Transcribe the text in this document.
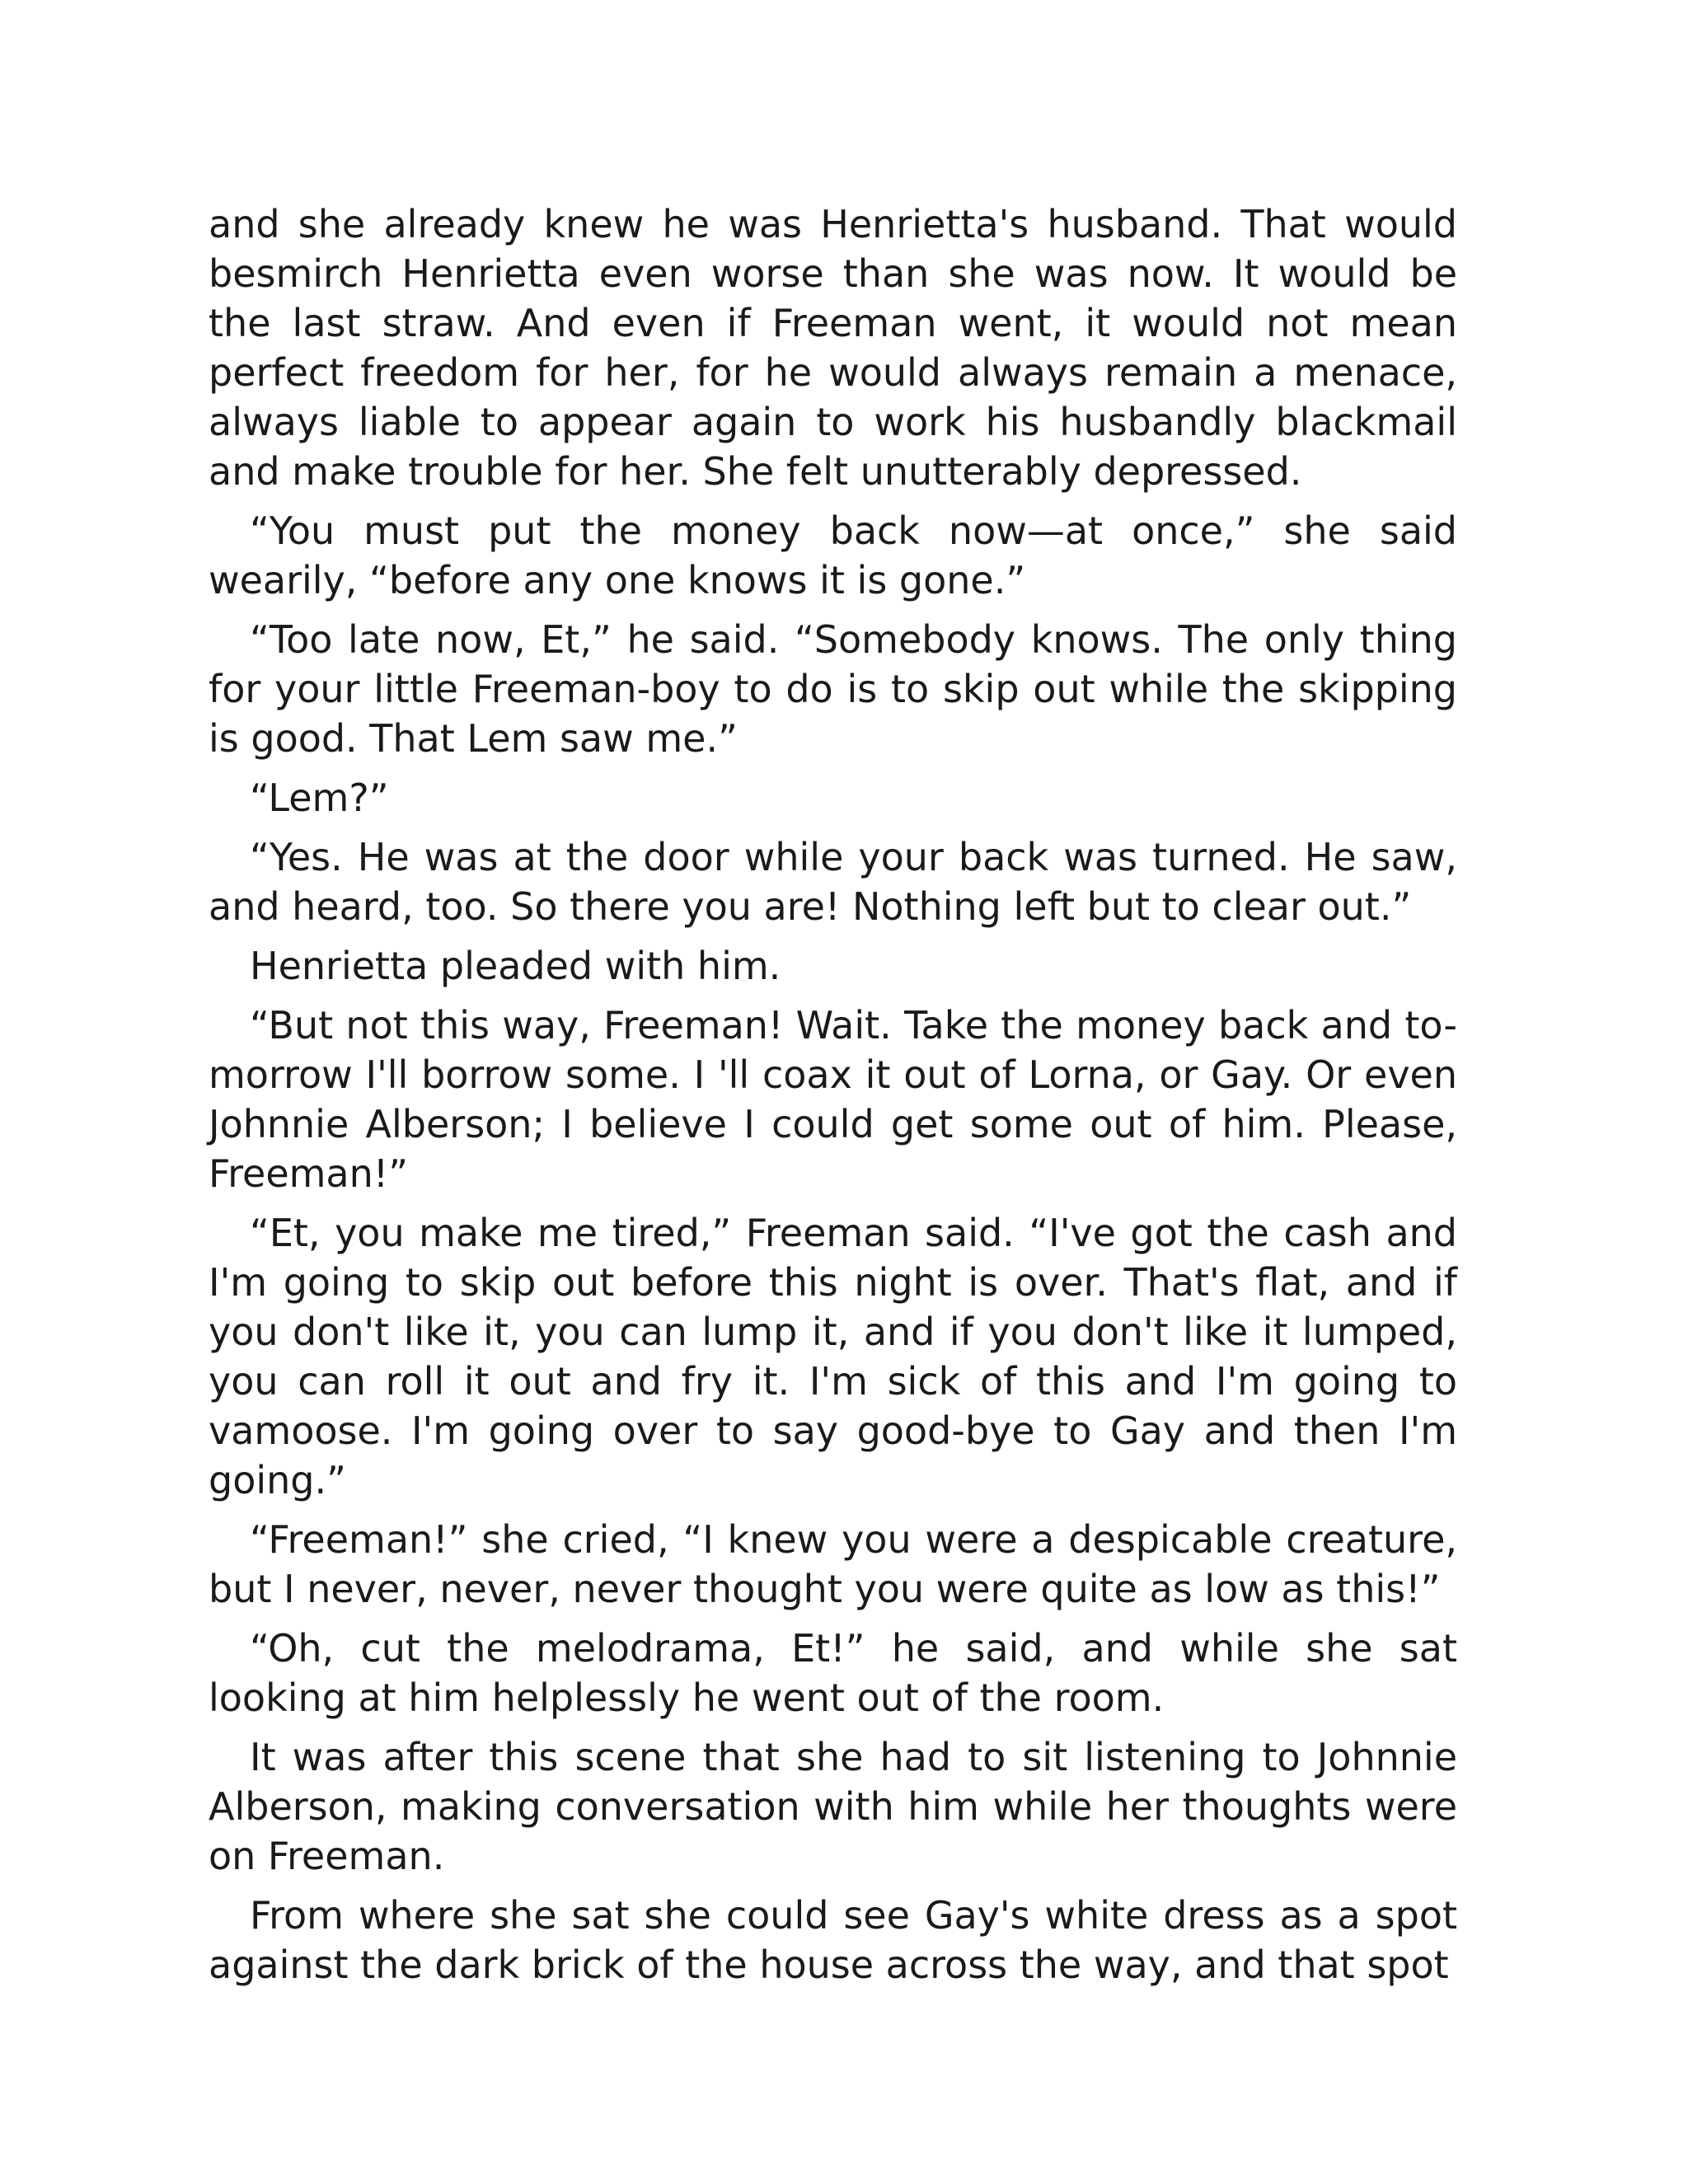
and she already knew he was Henrietta's husband. That would besmirch Henrietta even worse than she was now. It would be the last straw. And even if Freeman went, it would not mean perfect freedom for her, for he would always remain a menace, always liable to appear again to work his husbandly blackmail and make trouble for her. She felt unutterably depressed.

“You must put the money back now—at once,” she said wearily, “before any one knows it is gone.”

“Too late now, Et,” he said. “Somebody knows. The only thing for your little Freeman-boy to do is to skip out while the skipping is good. That Lem saw me.”

“Lem?”

“Yes. He was at the door while your back was turned. He saw, and heard, too. So there you are! Nothing left but to clear out.”

Henrietta pleaded with him.

“But not this way, Freeman! Wait. Take the money back and to-morrow I'll borrow some. I 'll coax it out of Lorna, or Gay. Or even Johnnie Alberson; I believe I could get some out of him. Please, Freeman!”

“Et, you make me tired,” Freeman said. “I've got the cash and I'm going to skip out before this night is over. That's flat, and if you don't like it, you can lump it, and if you don't like it lumped, you can roll it out and fry it. I'm sick of this and I'm going to vamoose. I'm going over to say good-bye to Gay and then I'm going.”

“Freeman!” she cried, “I knew you were a despicable creature, but I never, never, never thought you were quite as low as this!”

“Oh, cut the melodrama, Et!” he said, and while she sat looking at him helplessly he went out of the room.

It was after this scene that she had to sit listening to Johnnie Alberson, making conversation with him while her thoughts were on Freeman.

From where she sat she could see Gay's white dress as a spot against the dark brick of the house across the way, and that spot
